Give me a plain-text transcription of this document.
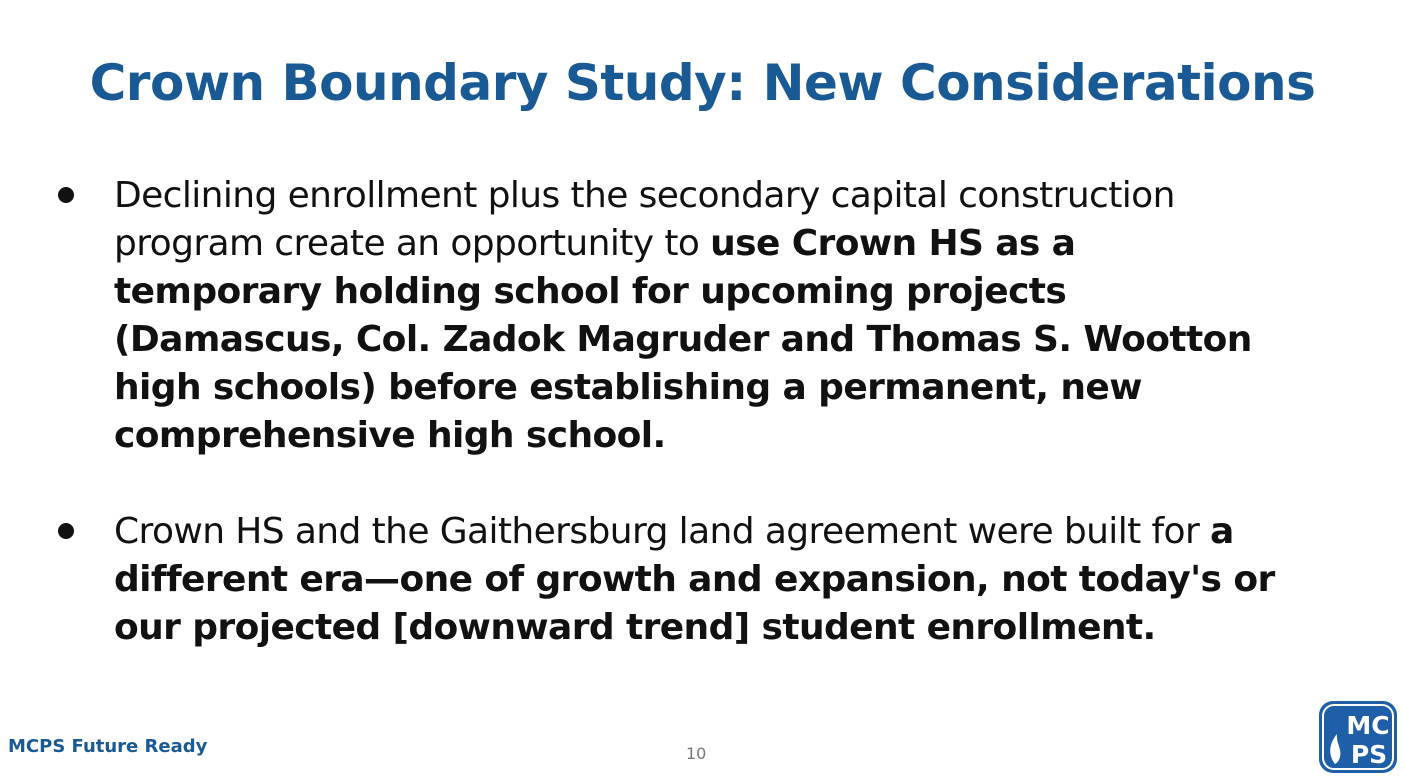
Crown Boundary Study: New Considerations
Declining enrollment plus the secondary capital construction program create an opportunity to use Crown HS as a temporary holding school for upcoming projects (Damascus, Col. Zadok Magruder and Thomas S. Wootton high schools) before establishing a permanent, new comprehensive high school.
Crown HS and the Gaithersburg land agreement were built for a different era—one of growth and expansion, not today's or our projected [downward trend] student enrollment.
MCPS Future Ready	10
MC
PS
